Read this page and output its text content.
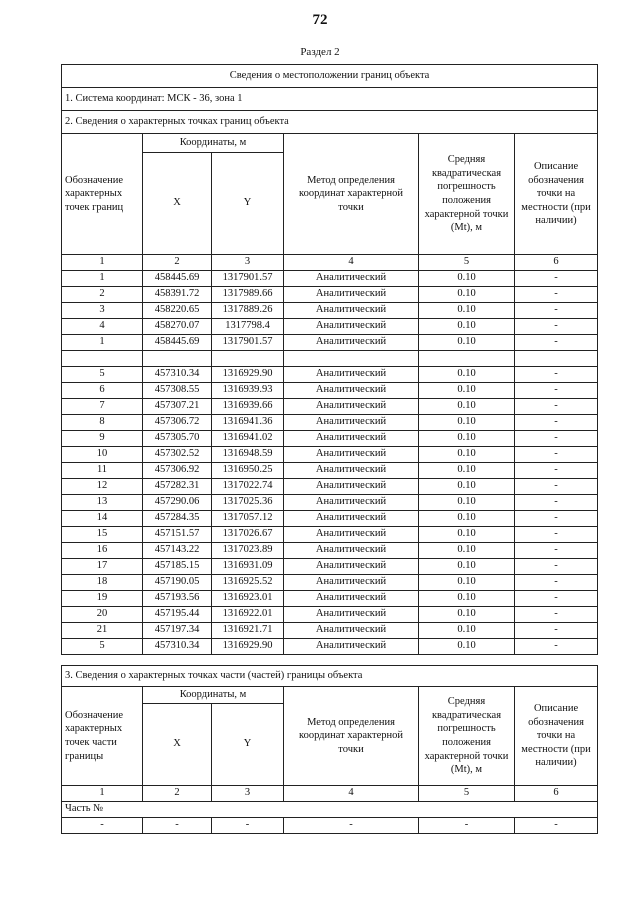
72
Раздел 2
Сведения о местоположении границ объекта					
1. Система координат: МСК - 36, зона 1					
2. Сведения о характерных точках границ объекта					
Обозначение характерных точек границ	Координаты, м		Метод определения координат характерной точки	Средняя квадратическая погрешность положения характерной точки (Mt), м	Описание обозначения точки на местности (при наличии)
	X	Y			
1	2	3	4	5	6
1	458445.69	1317901.57	Аналитический	0.10	-
2	458391.72	1317989.66	Аналитический	0.10	-
3	458220.65	1317889.26	Аналитический	0.10	-
4	458270.07	1317798.4	Аналитический	0.10	-
1	458445.69	1317901.57	Аналитический	0.10	-

5	457310.34	1316929.90	Аналитический	0.10	-
6	457308.55	1316939.93	Аналитический	0.10	-
7	457307.21	1316939.66	Аналитический	0.10	-
8	457306.72	1316941.36	Аналитический	0.10	-
9	457305.70	1316941.02	Аналитический	0.10	-
10	457302.52	1316948.59	Аналитический	0.10	-
11	457306.92	1316950.25	Аналитический	0.10	-
12	457282.31	1317022.74	Аналитический	0.10	-
13	457290.06	1317025.36	Аналитический	0.10	-
14	457284.35	1317057.12	Аналитический	0.10	-
15	457151.57	1317026.67	Аналитический	0.10	-
16	457143.22	1317023.89	Аналитический	0.10	-
17	457185.15	1316931.09	Аналитический	0.10	-
18	457190.05	1316925.52	Аналитический	0.10	-
19	457193.56	1316923.01	Аналитический	0.10	-
20	457195.44	1316922.01	Аналитический	0.10	-
21	457197.34	1316921.71	Аналитический	0.10	-
5	457310.34	1316929.90	Аналитический	0.10	-
3. Сведения о характерных точках части (частей) границы объекта					
Обозначение характерных точек части границы	Координаты, м		Метод определения координат характерной точки	Средняя квадратическая погрешность положения характерной точки (Mt), м	Описание обозначения точки на местности (при наличии)
	X	Y			
1	2	3	4	5	6
Часть №					
-	-	-	-	-	-
